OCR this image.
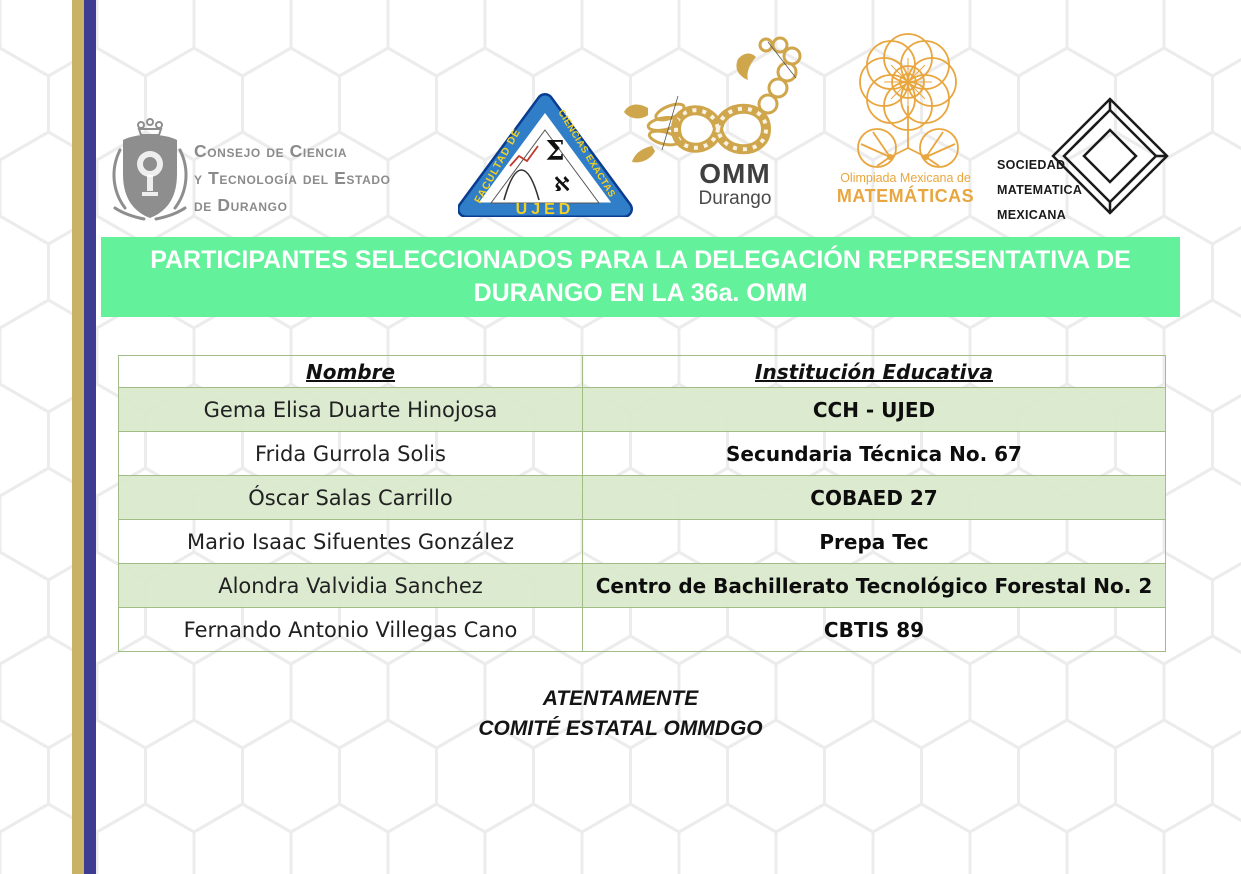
Consejo de Ciencia
y Tecnología del Estado
de Durango
Σ
ℵ
FACULTAD DE
CIENCIAS EXACTAS
UJED
OMM
Durango
Olimpiada Mexicana de
MATEMÁTICAS
SOCIEDAD
MATEMATICA
MEXICANA
PARTICIPANTES SELECCIONADOS PARA LA DELEGACIÓN REPRESENTATIVA DE
DURANGO EN LA 36a. OMM
Nombre	Institución Educativa
Gema Elisa Duarte Hinojosa	CCH - UJED
Frida Gurrola Solis	Secundaria Técnica No. 67
Óscar Salas Carrillo	COBAED 27
Mario Isaac Sifuentes González	Prepa Tec
Alondra Valvidia Sanchez	Centro de Bachillerato Tecnológico Forestal No. 2
Fernando Antonio Villegas Cano	CBTIS 89
ATENTAMENTE
COMITÉ ESTATAL OMMDGO
